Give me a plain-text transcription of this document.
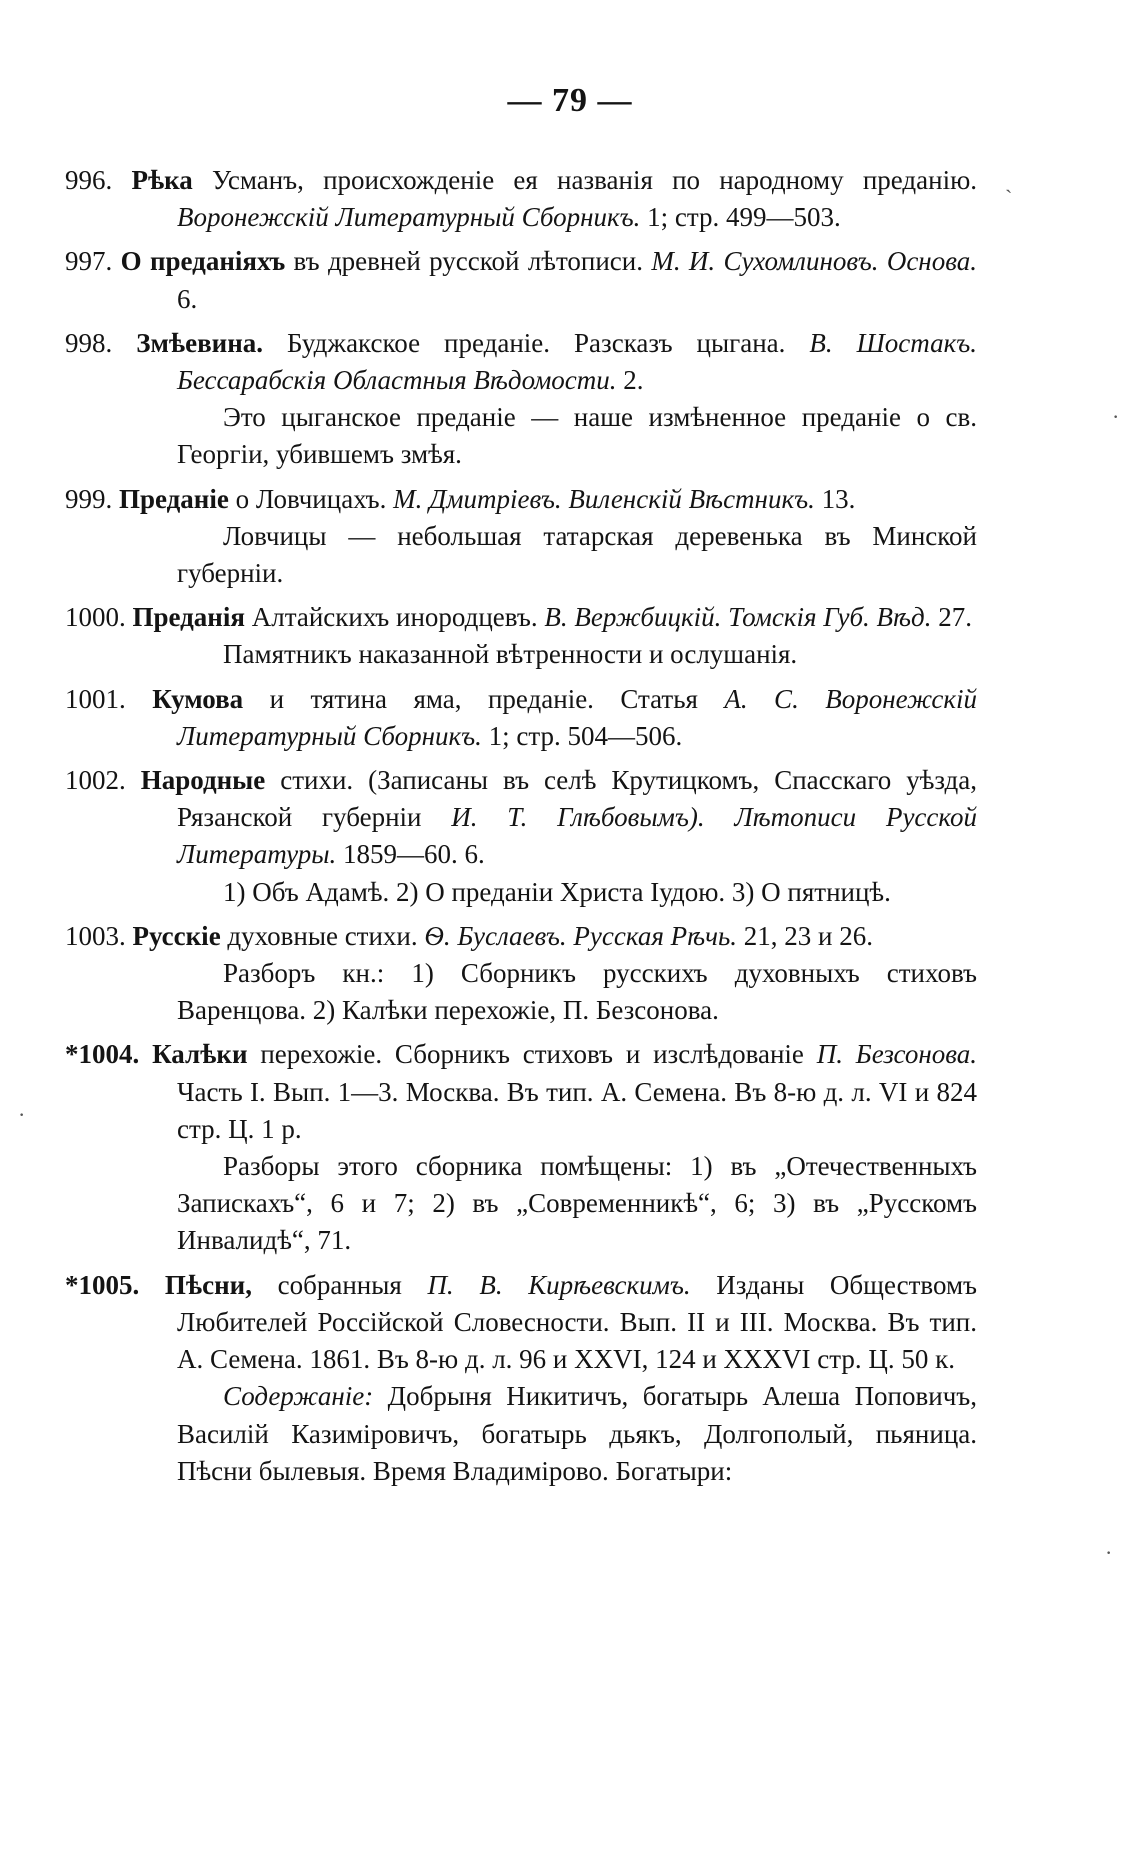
— 79 —
996. Рѣка Усманъ, происхожденіе ея названія по народному преданію. Воронежскій Литературный Сборникъ. 1; стр. 499—503.
997. О преданіяхъ въ древней русской лѣтописи. М. И. Сухомлиновъ. Основа. 6.
998. Змѣевина. Буджакское преданіе. Разсказъ цыгана. В. Шостакъ. Бессарабскія Областныя Вѣдомости. 2.
Это цыганское преданіе — наше измѣненное преданіе о св. Георгіи, убившемъ змѣя.
999. Преданіе о Ловчицахъ. М. Дмитріевъ. Виленскій Вѣстникъ. 13.
Ловчицы — небольшая татарская деревенька въ Минской губерніи.
1000. Преданія Алтайскихъ инородцевъ. В. Вержбицкій. Томскія Губ. Вѣд. 27.
Памятникъ наказанной вѣтренности и ослушанія.
1001. Кумова и тятина яма, преданіе. Статья А. С. Воронежскій Литературный Сборникъ. 1; стр. 504—506.
1002. Народные стихи. (Записаны въ селѣ Крутицкомъ, Спасскаго уѣзда, Рязанской губерніи И. Т. Глѣбовымъ). Лѣтописи Русской Литературы. 1859—60. 6.
1) Объ Адамѣ. 2) О преданіи Христа Іудою. 3) О пятницѣ.
1003. Русскіе духовные стихи. Ѳ. Буслаевъ. Русская Рѣчь. 21, 23 и 26.
Разборъ кн.: 1) Сборникъ русскихъ духовныхъ стиховъ Варенцова. 2) Калѣки перехожіе, П. Безсонова.
*1004. Калѣки перехожіе. Сборникъ стиховъ и изслѣдованіе П. Безсонова. Часть I. Вып. 1—3. Москва. Въ тип. А. Семена. Въ 8-ю д. л. VI и 824 стр. Ц. 1 р.
Разборы этого сборника помѣщены: 1) въ „Отечественныхъ Запискахъ“, 6 и 7; 2) въ „Современникѣ“, 6; 3) въ „Русскомъ Инвалидѣ“, 71.
*1005. Пѣсни, собранныя П. В. Кирѣевскимъ. Изданы Обществомъ Любителей Россійской Словесности. Вып. II и III. Москва. Въ тип. А. Семена. 1861. Въ 8-ю д. л. 96 и XXVI, 124 и XXXVI стр. Ц. 50 к.
Содержаніе: Добрыня Никитичъ, богатырь Алеша Поповичъ, Василій Казиміровичъ, богатырь дьякъ, Долгополый, пьяница. Пѣсни былевыя. Время Владимірово. Богатыри:
ˏ
·
·
·
